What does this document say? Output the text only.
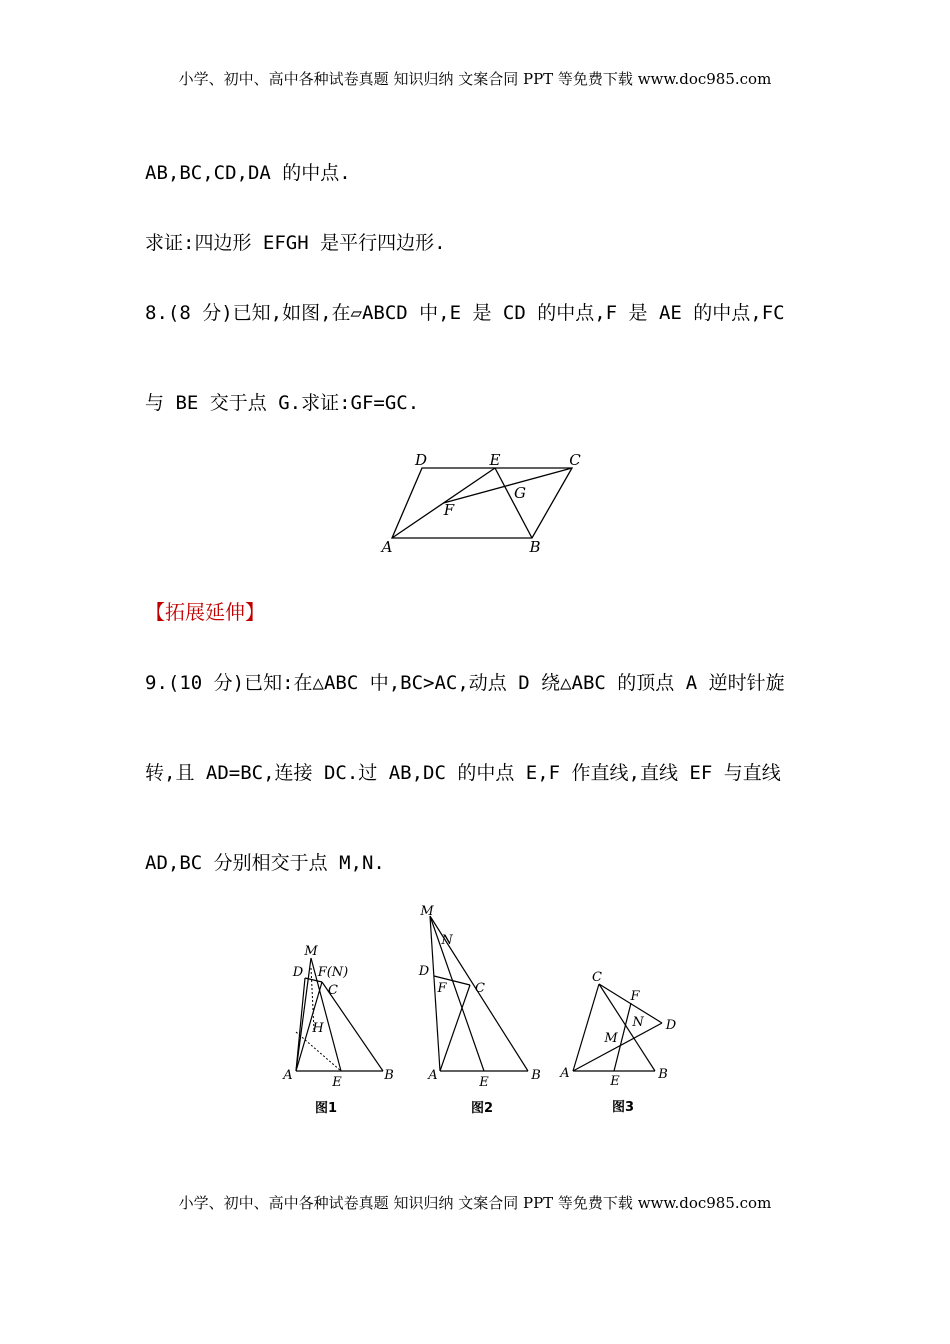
小学、初中、高中各种试卷真题 知识归纳 文案合同 PPT 等免费下载 www.doc985.com
AB,BC,CD,DA 的中点.
求证:四边形 EFGH 是平行四边形.
8.(8 分)已知,如图,在▱ABCD 中,E 是 CD 的中点,F 是 AE 的中点,FC
与 BE 交于点 G.求证:GF=GC.
D	E	C
G
F
A	B
【拓展延伸】
9.(10 分)已知:在△ABC 中,BC>AC,动点 D 绕△ABC 的顶点 A 逆时针旋
转,且 AD=BC,连接 DC.过 AB,DC 的中点 E,F 作直线,直线 EF 与直线
AD,BC 分别相交于点 M,N.
M
D F(N)
C
H
A	E	B
图1
M
N
D
F C
A	E	B
图2
C
F
N D
M
A
E	B
图3
小学、初中、高中各种试卷真题 知识归纳 文案合同 PPT 等免费下载 www.doc985.com
